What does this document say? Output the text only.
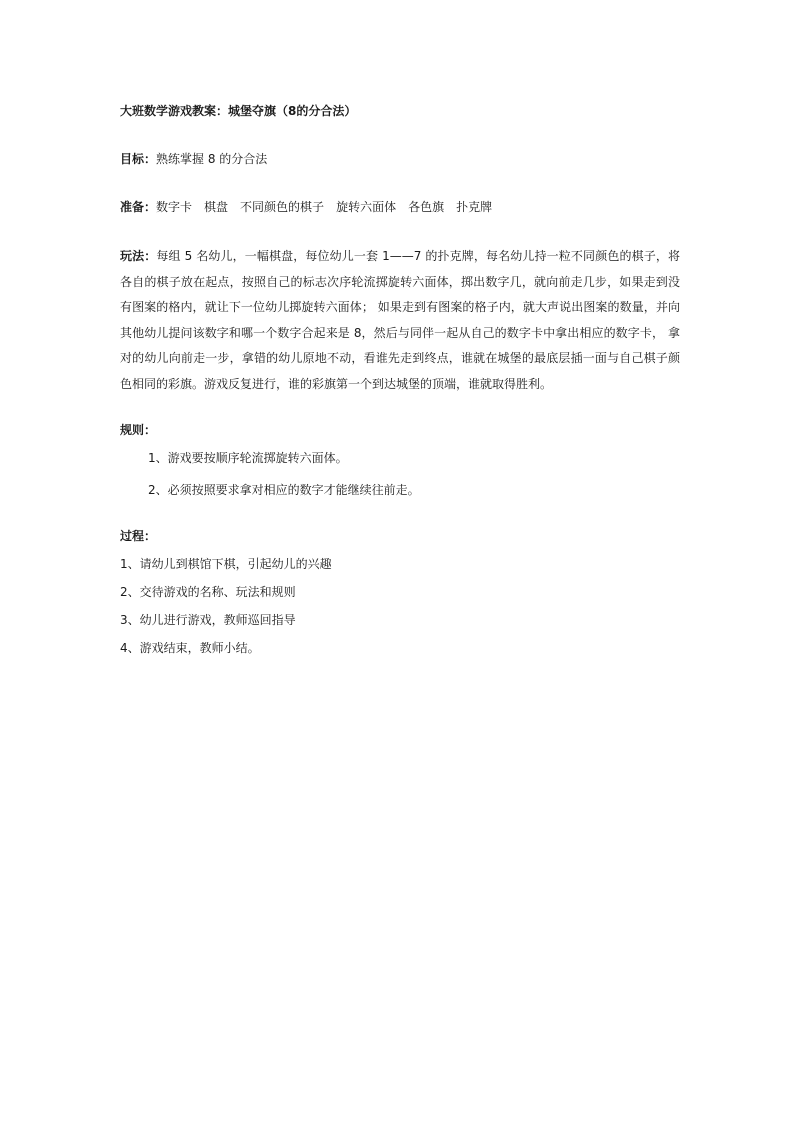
大班数学游戏教案：城堡夺旗（8的分合法）
目标：熟练掌握 8 的分合法
准备：数字卡 棋盘 不同颜色的棋子 旋转六面体 各色旗 扑克牌
玩法：每组 5 名幼儿，一幅棋盘，每位幼儿一套 1——7 的扑克牌，每名幼儿持一粒不同颜色的棋子，将各自的棋子放在起点，按照自己的标志次序轮流掷旋转六面体，掷出数字几，就向前走几步，如果走到没有图案的格内，就让下一位幼儿掷旋转六面体； 如果走到有图案的格子内，就大声说出图案的数量，并向其他幼儿提问该数字和哪一个数字合起来是 8，然后与同伴一起从自己的数字卡中拿出相应的数字卡， 拿对的幼儿向前走一步，拿错的幼儿原地不动，看谁先走到终点，谁就在城堡的最底层插一面与自己棋子颜色相同的彩旗。游戏反复进行，谁的彩旗第一个到达城堡的顶端，谁就取得胜利。
规则：
1、游戏要按顺序轮流掷旋转六面体。
2、必须按照要求拿对相应的数字才能继续往前走。
过程：
1、请幼儿到棋馆下棋，引起幼儿的兴趣
2、交待游戏的名称、玩法和规则
3、幼儿进行游戏，教师巡回指导
4、游戏结束，教师小结。
